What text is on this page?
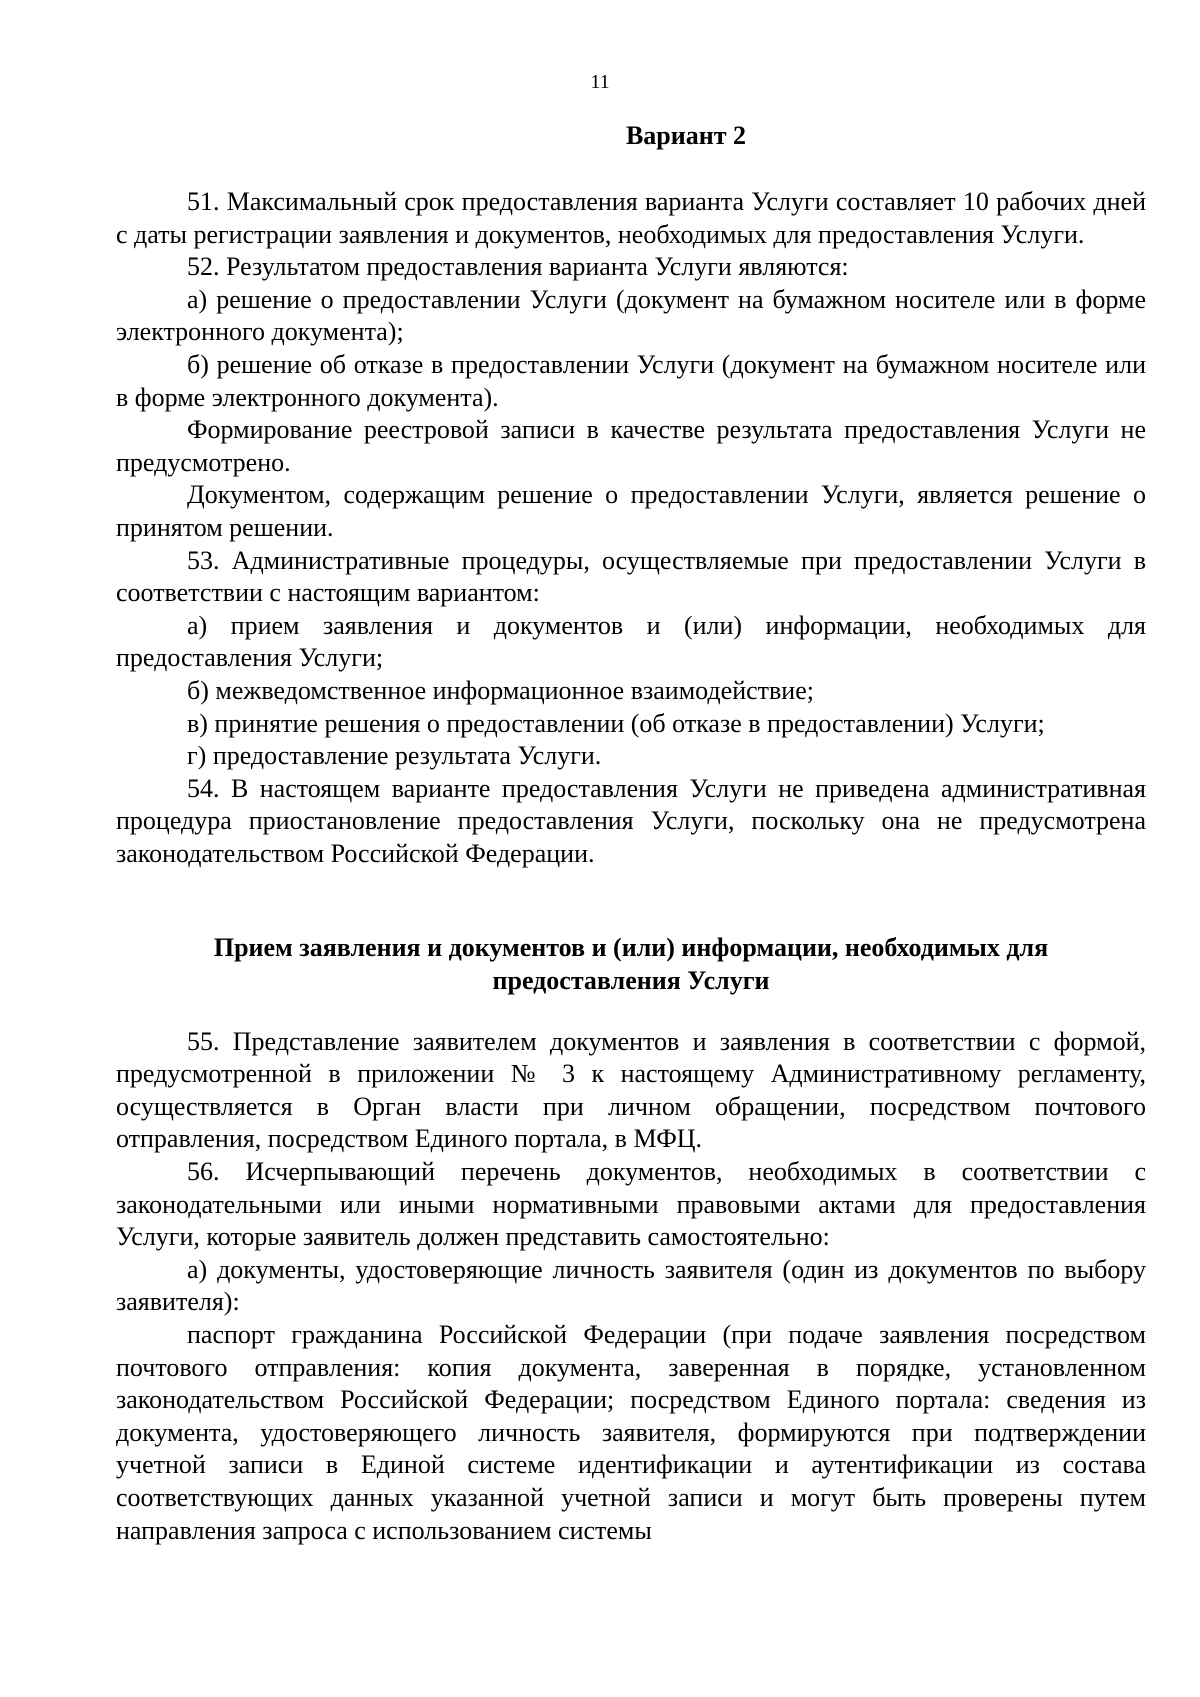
11
Вариант 2

51. Максимальный срок предоставления варианта Услуги составляет 10 рабочих дней с даты регистрации заявления и документов, необходимых для предоставления Услуги.

52. Результатом предоставления варианта Услуги являются:

а) решение о предоставлении Услуги (документ на бумажном носителе или в форме электронного документа);

б) решение об отказе в предоставлении Услуги (документ на бумажном носителе или в форме электронного документа).

Формирование реестровой записи в качестве результата предоставления Услуги не предусмотрено.

Документом, содержащим решение о предоставлении Услуги, является решение о принятом решении.

53. Административные процедуры, осуществляемые при предоставлении Услуги в соответствии с настоящим вариантом:

а) прием заявления и документов и (или) информации, необходимых для предоставления Услуги;

б) межведомственное информационное взаимодействие;

в) принятие решения о предоставлении (об отказе в предоставлении) Услуги;

г) предоставление результата Услуги.

54. В настоящем варианте предоставления Услуги не приведена административная процедура приостановление предоставления Услуги, поскольку она не предусмотрена законодательством Российской Федерации.

Прием заявления и документов и (или) информации, необходимых для
предоставления Услуги

55. Представление заявителем документов и заявления в соответствии с формой, предусмотренной в приложении № 3 к настоящему Административному регламенту, осуществляется в Орган власти при личном обращении, посредством почтового отправления, посредством Единого портала, в МФЦ.

56. Исчерпывающий перечень документов, необходимых в соответствии с законодательными или иными нормативными правовыми актами для предоставления Услуги, которые заявитель должен представить самостоятельно:

а) документы, удостоверяющие личность заявителя (один из документов по выбору заявителя):

паспорт гражданина Российской Федерации (при подаче заявления посредством почтового отправления: копия документа, заверенная в порядке, установленном законодательством Российской Федерации; посредством Единого портала: сведения из документа, удостоверяющего личность заявителя, формируются при подтверждении учетной записи в Единой системе идентификации и аутентификации из состава соответствующих данных указанной учетной записи и могут быть проверены путем направления запроса с использованием системы
